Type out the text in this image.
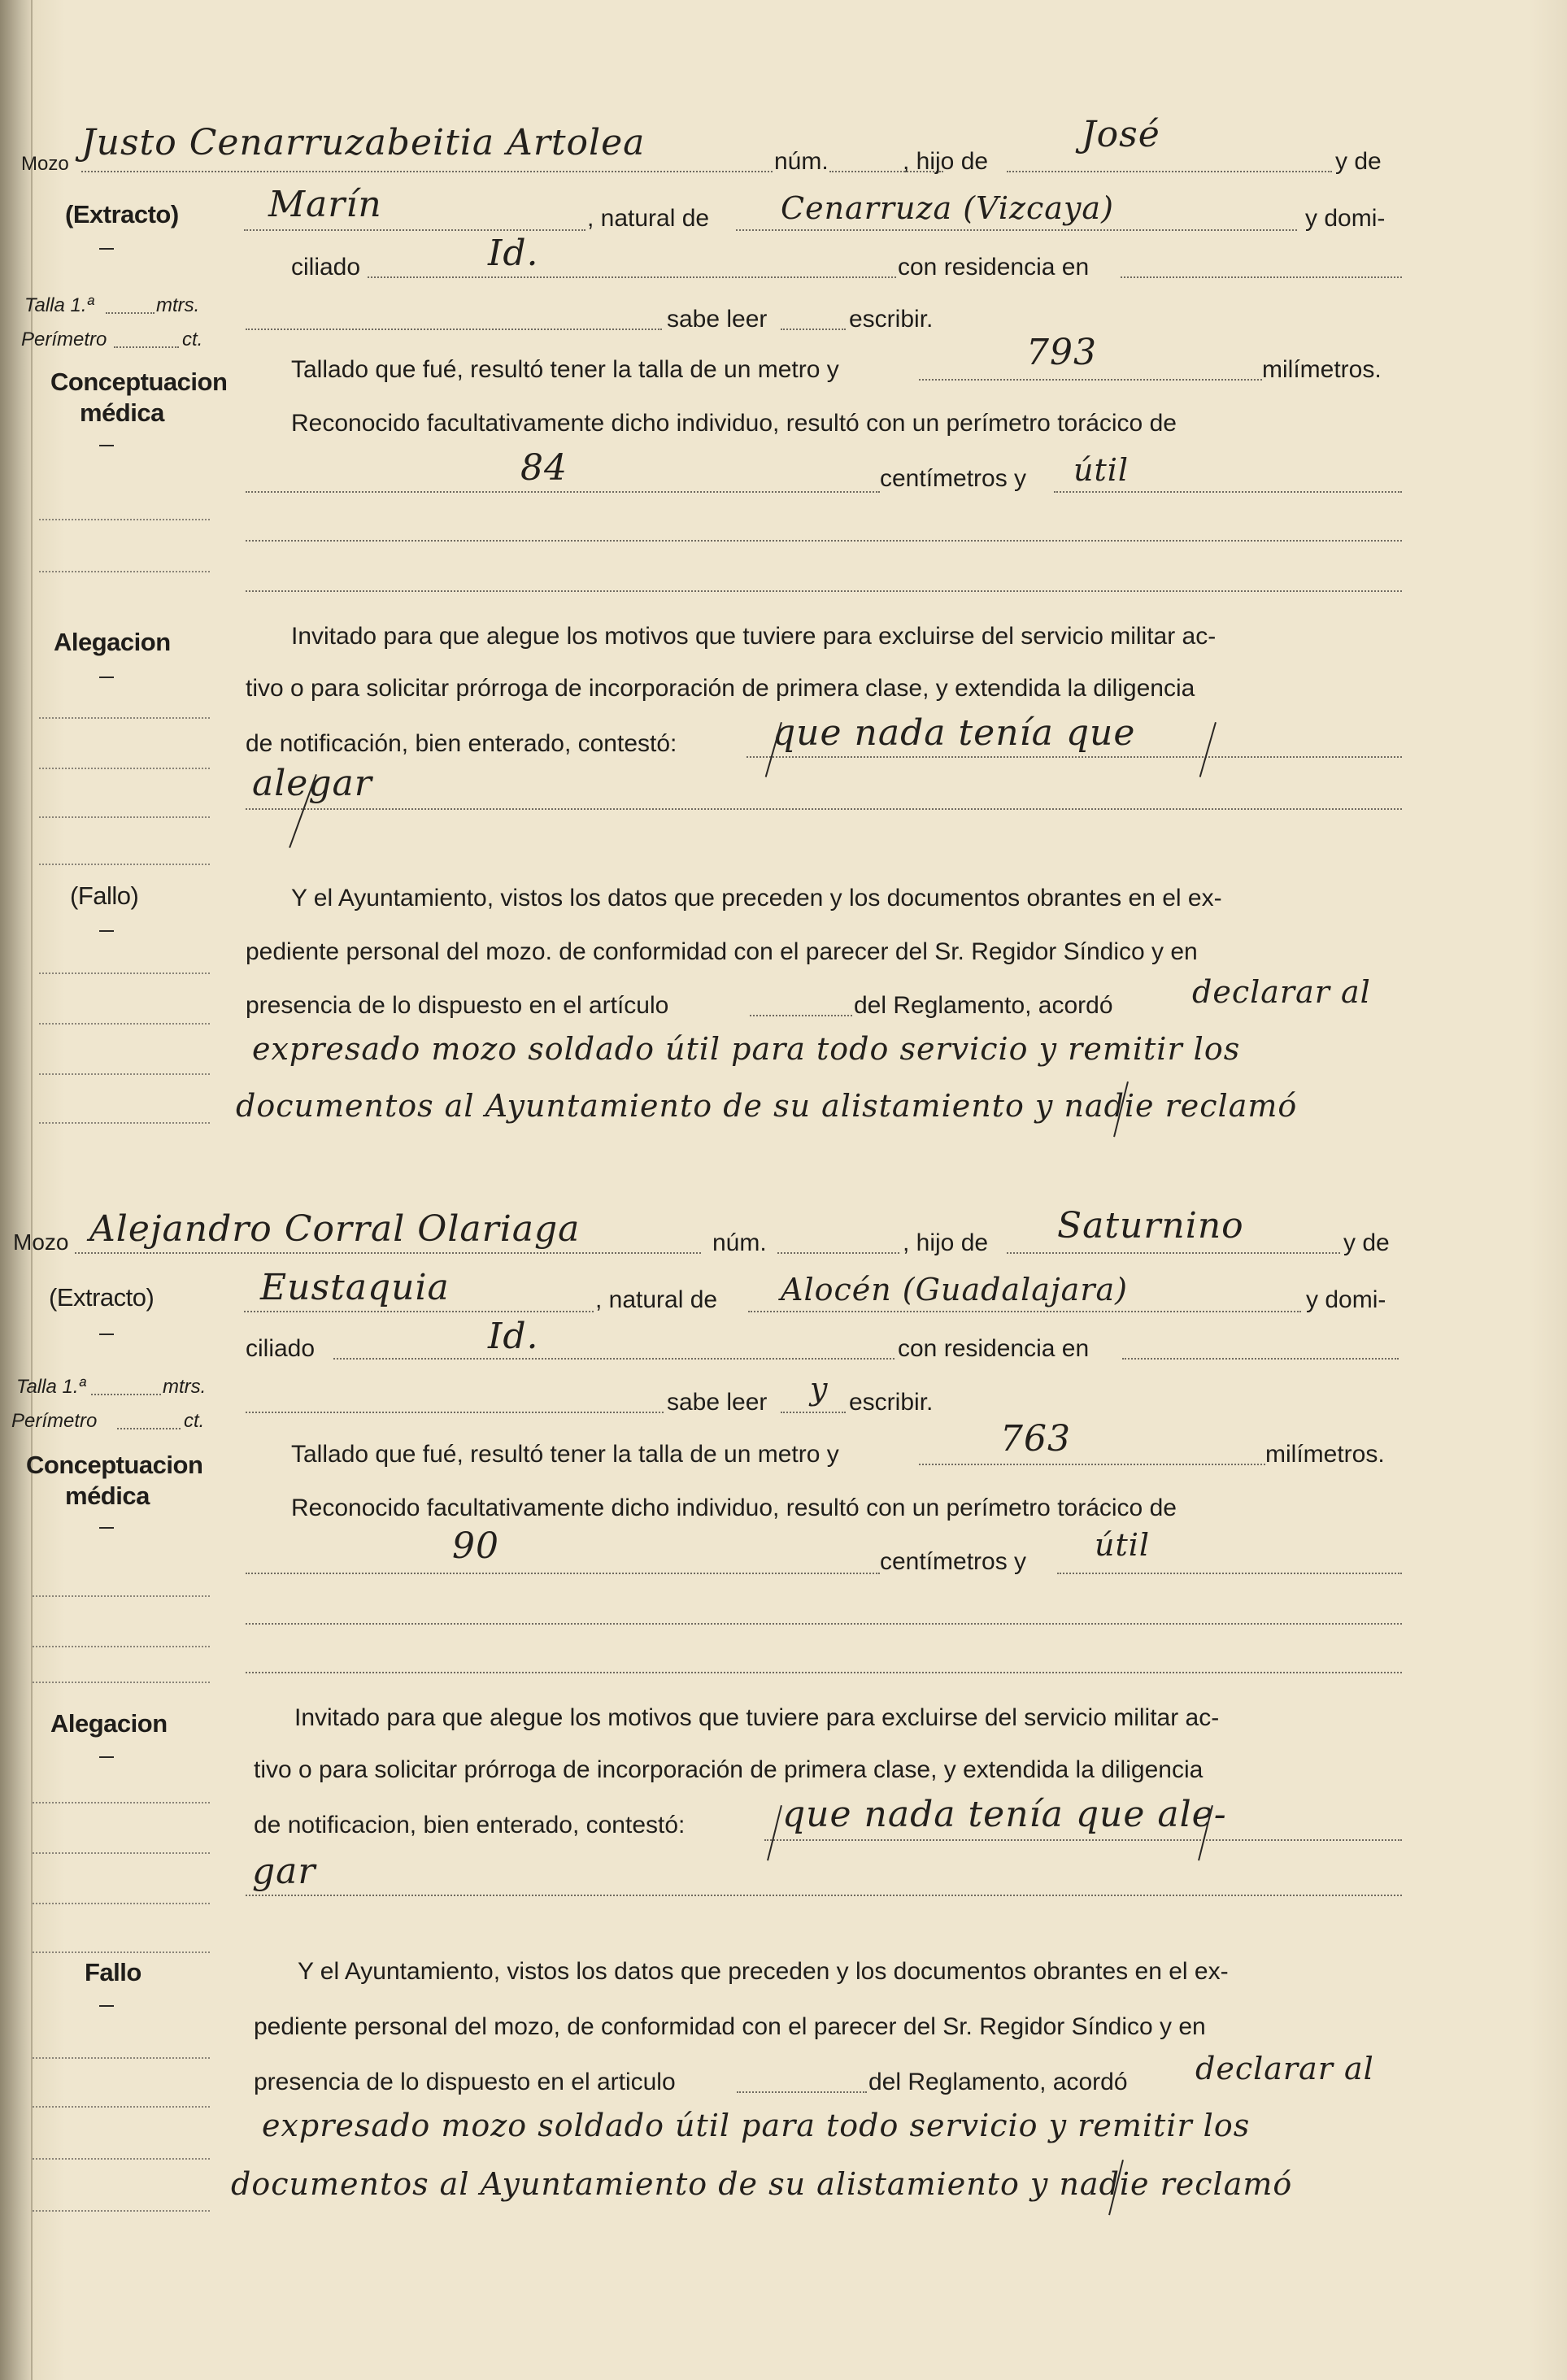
Mozo
(Extracto)
Talla 1.ª	mtrs.
Perímetro	ct.
Conceptuacion
médica
Alegacion
(Fallo)
Justo Cenarruzabeitia Artolea	núm.	, hijo de
José
y de
Marín	, natural de Cenarruza (Vizcaya)	y domi-
ciliado	Id.	con residencia en
sabe leer	escribir.
Tallado que fué, resultó tener la talla de un metro y	793	milímetros.
Reconocido facultativamente dicho individuo, resultó con un perímetro torácico de
84	centímetros y útil
Invitado para que alegue los motivos que tuviere para excluirse del servicio militar ac-
tivo o para solicitar prórroga de incorporación de primera clase, y extendida la diligencia
de notificación, bien enterado, contestó:	que nada tenía que
alegar
Y el Ayuntamiento, vistos los datos que preceden y los documentos obrantes en el ex-
pediente personal del mozo. de conformidad con el parecer del Sr. Regidor Síndico y en
presencia de lo dispuesto en el artículo	del Reglamento, acordó	declarar al
expresado mozo soldado útil para todo servicio y remitir los
documentos al Ayuntamiento de su alistamiento y nadie reclamó
Mozo
(Extracto)
Talla 1.ª	mtrs.
Perímetro	ct.
Conceptuacion
médica
Alegacion
Fallo
Alejandro Corral Olariaga	núm.	, hijo de Saturnino	y de
Eustaquia	, natural de Alocén (Guadalajara)	y domi-
ciliado	Id.	con residencia en
sabe leer y escribir.
Tallado que fué, resultó tener la talla de un metro y	763	milímetros.
Reconocido facultativamente dicho individuo, resultó con un perímetro torácico de
90	centímetros y útil
Invitado para que alegue los motivos que tuviere para excluirse del servicio militar ac-
tivo o para solicitar prórroga de incorporación de primera clase, y extendida la diligencia
de notificacion, bien enterado, contestó:	que nada tenía que ale-
gar
Y el Ayuntamiento, vistos los datos que preceden y los documentos obrantes en el ex-
pediente personal del mozo, de conformidad con el parecer del Sr. Regidor Síndico y en
presencia de lo dispuesto en el articulo	del Reglamento, acordó declarar al
expresado mozo soldado útil para todo servicio y remitir los
documentos al Ayuntamiento de su alistamiento y nadie reclamó
